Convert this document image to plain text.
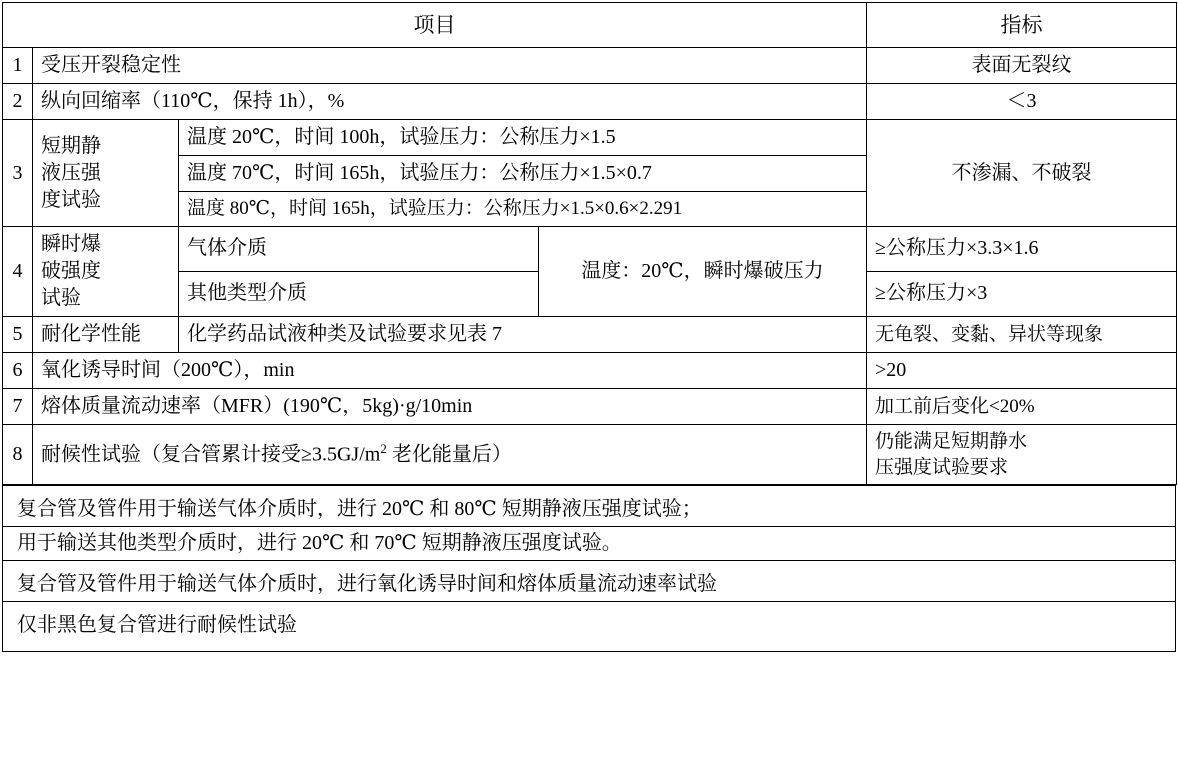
项目				指标
1	受压开裂稳定性			表面无裂纹
2	纵向回缩率（110℃，保持 1h），%			＜3
3	短期静
液压强
度试验	温度 20℃，时间 100h，试验压力：公称压力×1.5		不渗漏、不破裂
		温度 70℃，时间 165h，试验压力：公称压力×1.5×0.7		
		温度 80℃，时间 165h，试验压力：公称压力×1.5×0.6×2.291		
4	瞬时爆
破强度
试验	气体介质	温度：20℃，瞬时爆破压力	≥公称压力×3.3×1.6
		其他类型介质		≥公称压力×3
5	耐化学性能	化学药品试液种类及试验要求见表 7		无龟裂、变黏、异状等现象
6	氧化诱导时间（200℃），min			>20
7	熔体质量流动速率（MFR）(190℃，5kg)·g/10min			加工前后变化<20%
8	耐候性试验（复合管累计接受$\ge 3.5GJ/m^2$ 老化能量后）			仍能满足短期静水
压强度试验要求
复合管及管件用于输送气体介质时，进行 20℃ 和 80℃ 短期静液压强度试验；
用于输送其他类型介质时，进行 20℃ 和 70℃ 短期静液压强度试验。
复合管及管件用于输送气体介质时，进行氧化诱导时间和熔体质量流动速率试验
仅非黑色复合管进行耐候性试验
